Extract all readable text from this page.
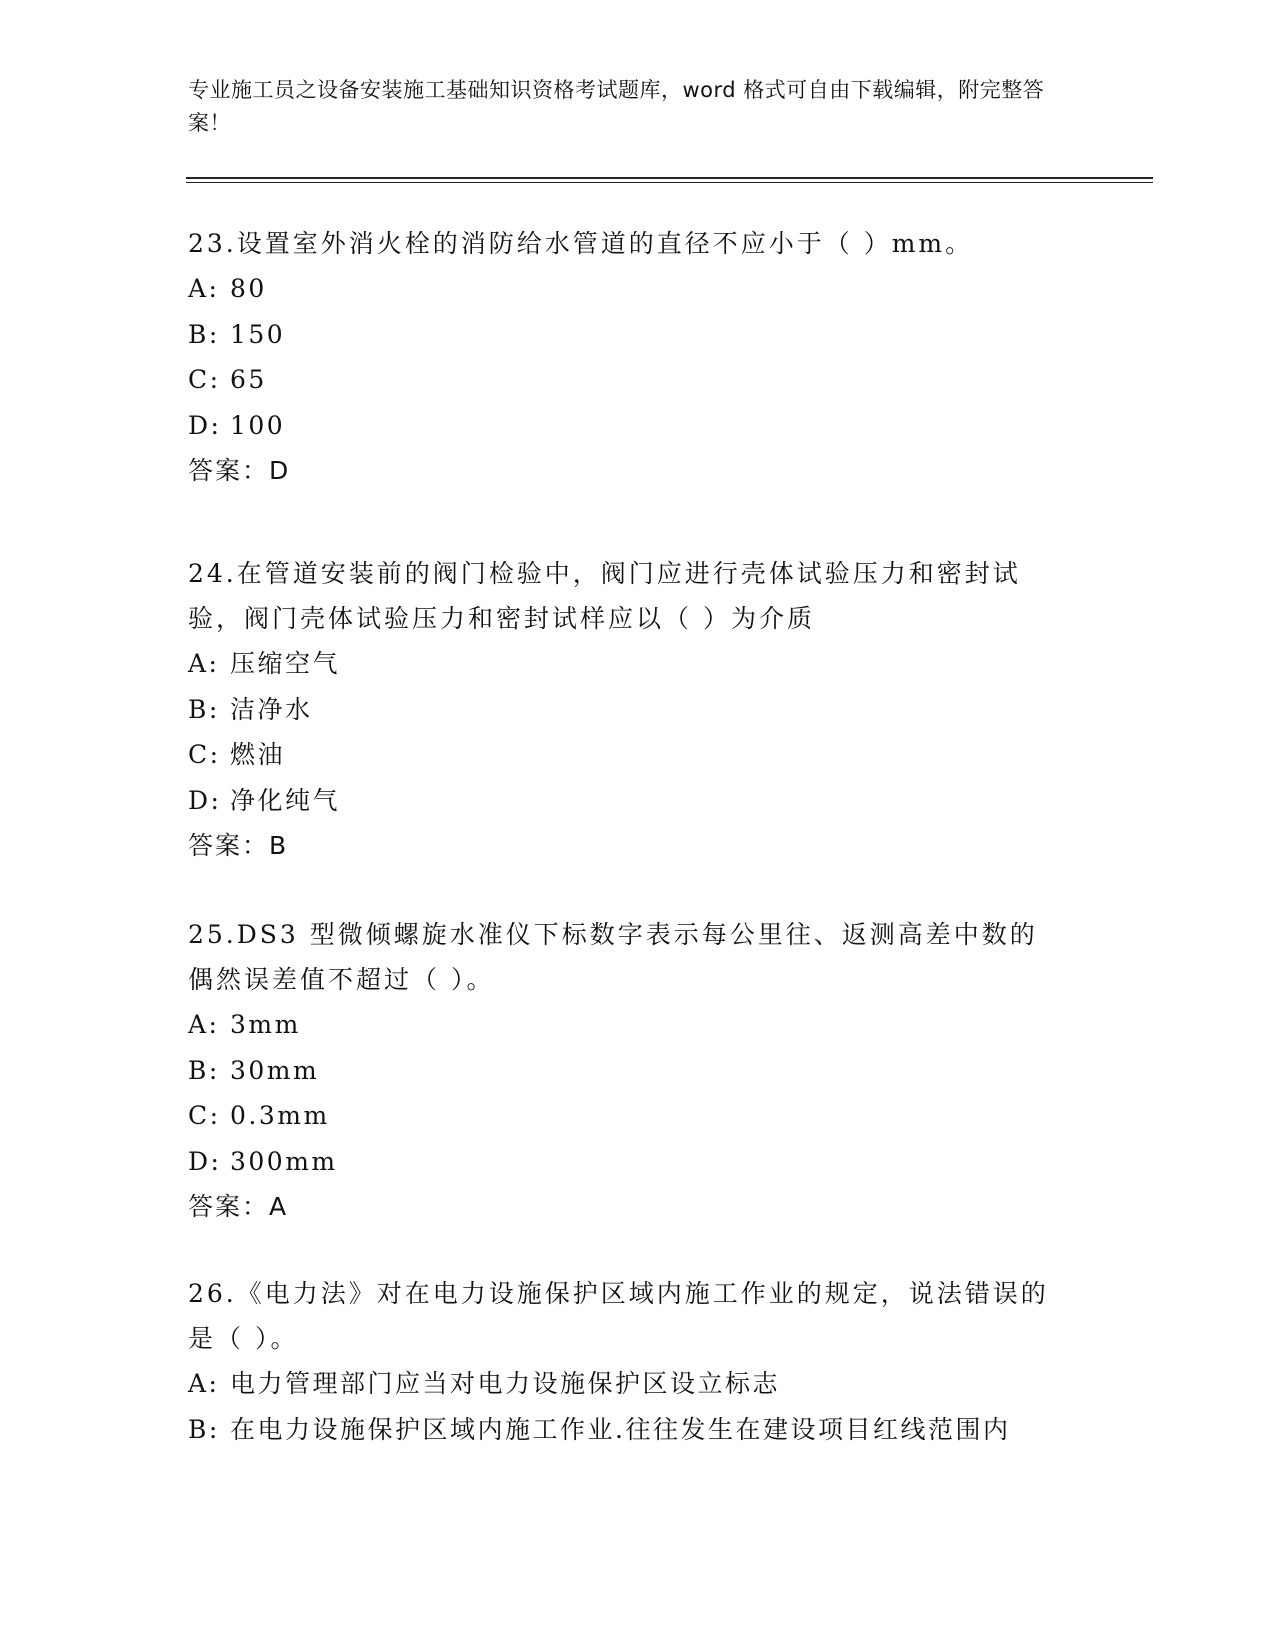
专业施工员之设备安装施工基础知识资格考试题库，word 格式可自由下载编辑，附完整答案！
23.设置室外消火栓的消防给水管道的直径不应小于（ ）mm。
A: 80
B: 150
C: 65
D: 100
答案：D
24.在管道安装前的阀门检验中，阀门应进行壳体试验压力和密封试验，阀门壳体试验压力和密封试样应以（ ）为介质
A: 压缩空气
B: 洁净水
C: 燃油
D: 净化纯气
答案：B
25.DS3 型微倾螺旋水准仪下标数字表示每公里往、返测高差中数的偶然误差值不超过（ ）。
A: 3mm
B: 30mm
C: 0.3mm
D: 300mm
答案：A
26.《电力法》对在电力设施保护区域内施工作业的规定，说法错误的是（ ）。
A: 电力管理部门应当对电力设施保护区设立标志
B: 在电力设施保护区域内施工作业.往往发生在建设项目红线范围内
